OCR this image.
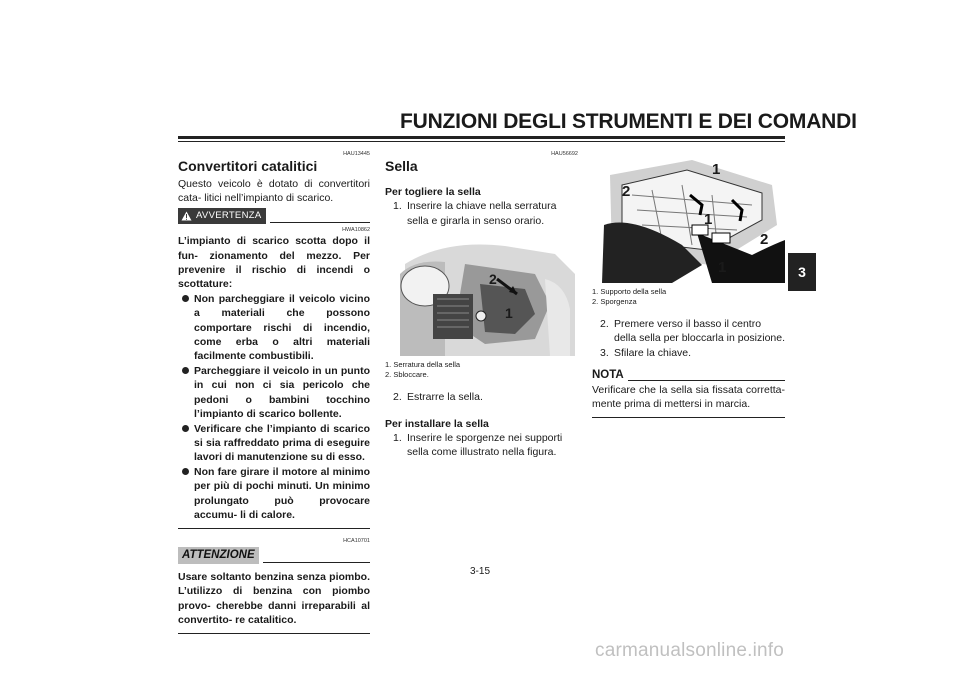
FUNZIONI DEGLI STRUMENTI E DEI COMANDI
3
HAU13445
Convertitori catalitici

Questo veicolo è dotato di convertitori cata- litici nell’impianto di scarico.

AVVERTENZA
HWA10862

L’impianto di scarico scotta dopo il fun- zionamento del mezzo. Per prevenire il rischio di incendi o scottature:

Non parcheggiare il veicolo vicino a materiali che possono comportare rischi di incendio, come erba o altri materiali facilmente combustibili.
Parcheggiare il veicolo in un punto in cui non ci sia pericolo che pedoni o bambini tocchino l’impianto di scarico bollente.
Verificare che l’impianto di scarico si sia raffreddato prima di eseguire lavori di manutenzione su di esso.
Non fare girare il motore al minimo per più di pochi minuti. Un minimo prolungato può provocare accumu- li di calore.
HCA10701
ATTENZIONE

Usare soltanto benzina senza piombo. L’utilizzo di benzina con piombo provo- cherebbe danni irreparabili al convertito- re catalitico.

HAU56692
Sella

Per togliere la sella

1. Inserire la chiave nella serratura sella e girarla in senso orario.
2
1
1. Serratura della sella
2. Sbloccare.
2. Estrarre la sella.

Per installare la sella

1. Inserire le sporgenze nei supporti sella come illustrato nella figura.
1
2
1
2
1
1. Supporto della sella
2. Sporgenza
2. Premere verso il basso il centro della sella per bloccarla in posizione.
3. Sfilare la chiave.
NOTA

Verificare che la sella sia fissata corretta- mente prima di mettersi in marcia.

3-15
carmanualsonline.info
